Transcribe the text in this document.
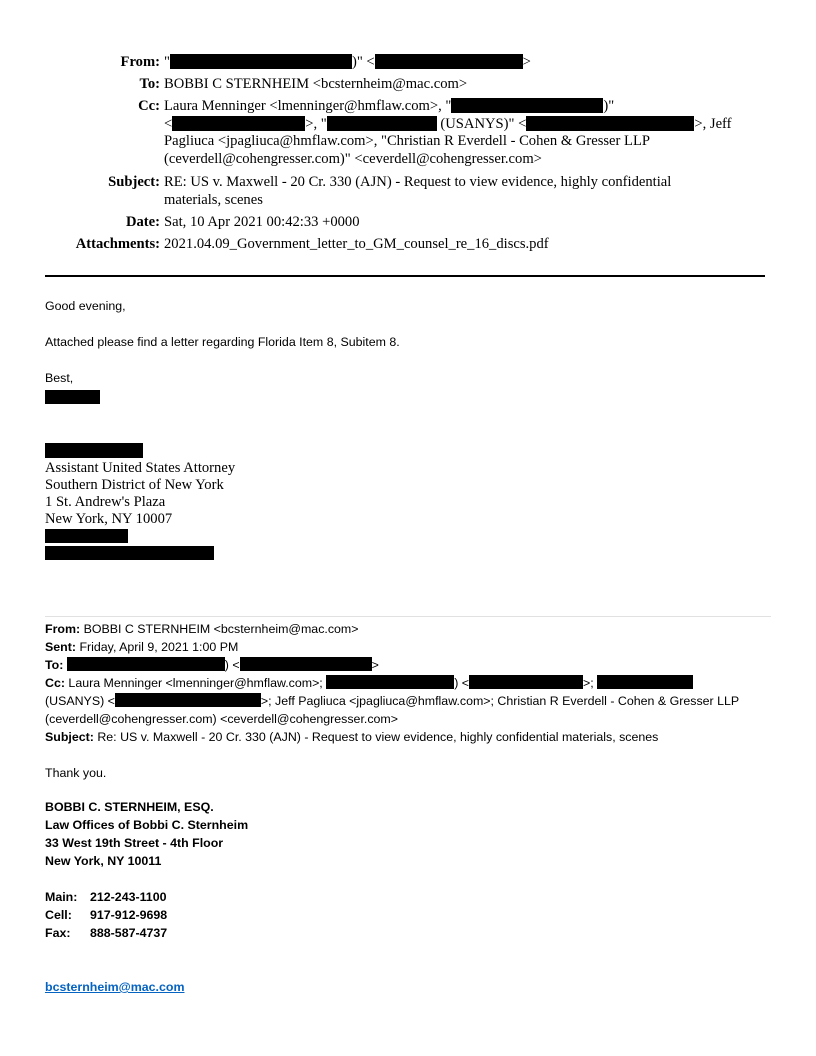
From: "	)" <	>
To: BOBBI C STERNHEIM <bcsternheim@mac.com>
Cc: Laura Menninger <lmenninger@hmflaw.com>, "	)"
<	>, "	(USANYS)" <	>, Jeff
Pagliuca <jpagliuca@hmflaw.com>, "Christian R Everdell - Cohen & Gresser LLP
(ceverdell@cohengresser.com)" <ceverdell@cohengresser.com>
Subject: RE: US v. Maxwell - 20 Cr. 330 (AJN) - Request to view evidence, highly confidential
materials, scenes
Date: Sat, 10 Apr 2021 00:42:33 +0000
Attachments: 2021.04.09_Government_letter_to_GM_counsel_re_16_discs.pdf
Good evening,
Attached please find a letter regarding Florida Item 8, Subitem 8.
Best,
Assistant United States Attorney
Southern District of New York
1 St. Andrew's Plaza
New York, NY 10007
From: BOBBI C STERNHEIM <bcsternheim@mac.com>
Sent: Friday, April 9, 2021 1:00 PM
To:	) <	>
Cc: Laura Menninger <lmenninger@hmflaw.com>;	) <	>;
(USANYS) <	>; Jeff Pagliuca <jpagliuca@hmflaw.com>; Christian R Everdell - Cohen & Gresser LLP
(ceverdell@cohengresser.com) <ceverdell@cohengresser.com>
Subject: Re: US v. Maxwell - 20 Cr. 330 (AJN) - Request to view evidence, highly confidential materials, scenes
Thank you.
BOBBI C. STERNHEIM, ESQ.
Law Offices of Bobbi C. Sternheim
33 West 19th Street - 4th Floor
New York, NY 10011
Main: 212-243-1100
Cell: 917-912-9698
Fax: 888-587-4737
bcsternheim@mac.com
